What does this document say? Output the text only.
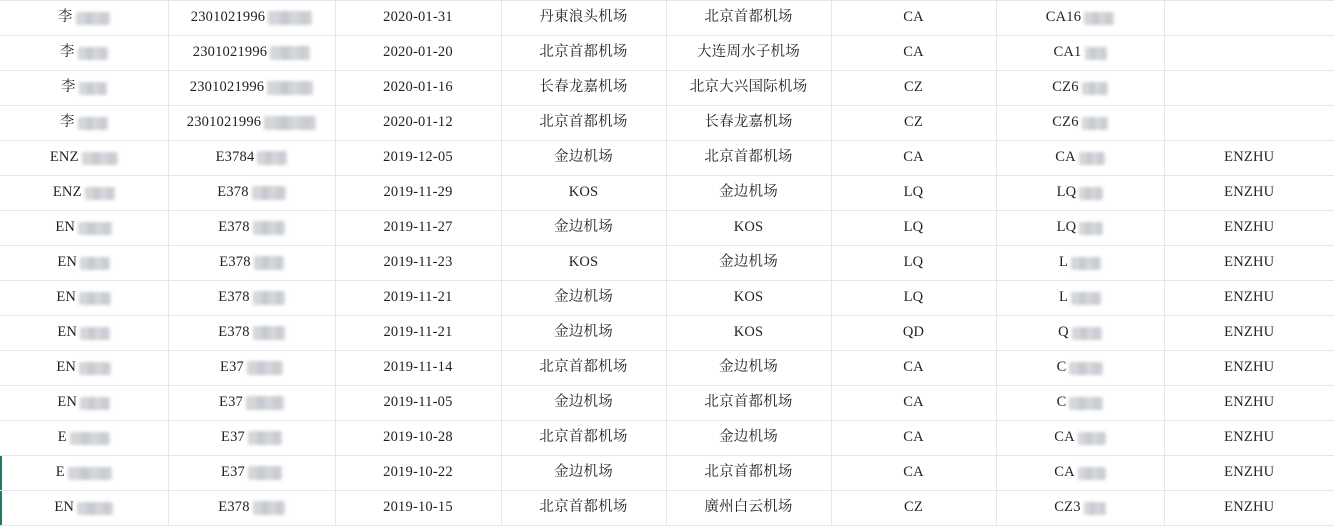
李	2301021996	2020-01-31	丹東浪头机场	北京首都机场	CA	CA16	

李	2301021996	2020-01-20	北京首都机场	大连周水子机场	CA	CA1	

李	2301021996	2020-01-16	长春龙嘉机场	北京大兴国际机场	CZ	CZ6	

李	2301021996	2020-01-12	北京首都机场	长春龙嘉机场	CZ	CZ6	

ENZ	E3784	2019-12-05	金边机场	北京首都机场	CA	CA	ENZHU

ENZ	E378	2019-11-29	KOS	金边机场	LQ	LQ	ENZHU

EN	E378	2019-11-27	金边机场	KOS	LQ	LQ	ENZHU

EN	E378	2019-11-23	KOS	金边机场	LQ	L	ENZHU

EN	E378	2019-11-21	金边机场	KOS	LQ	L	ENZHU

EN	E378	2019-11-21	金边机场	KOS	QD	Q	ENZHU

EN	E37	2019-11-14	北京首都机场	金边机场	CA	C	ENZHU

EN	E37	2019-11-05	金边机场	北京首都机场	CA	C	ENZHU

E	E37	2019-10-28	北京首都机场	金边机场	CA	CA	ENZHU

E	E37	2019-10-22	金边机场	北京首都机场	CA	CA	ENZHU

EN	E378	2019-10-15	北京首都机场	廣州白云机场	CZ	CZ3	ENZHU
